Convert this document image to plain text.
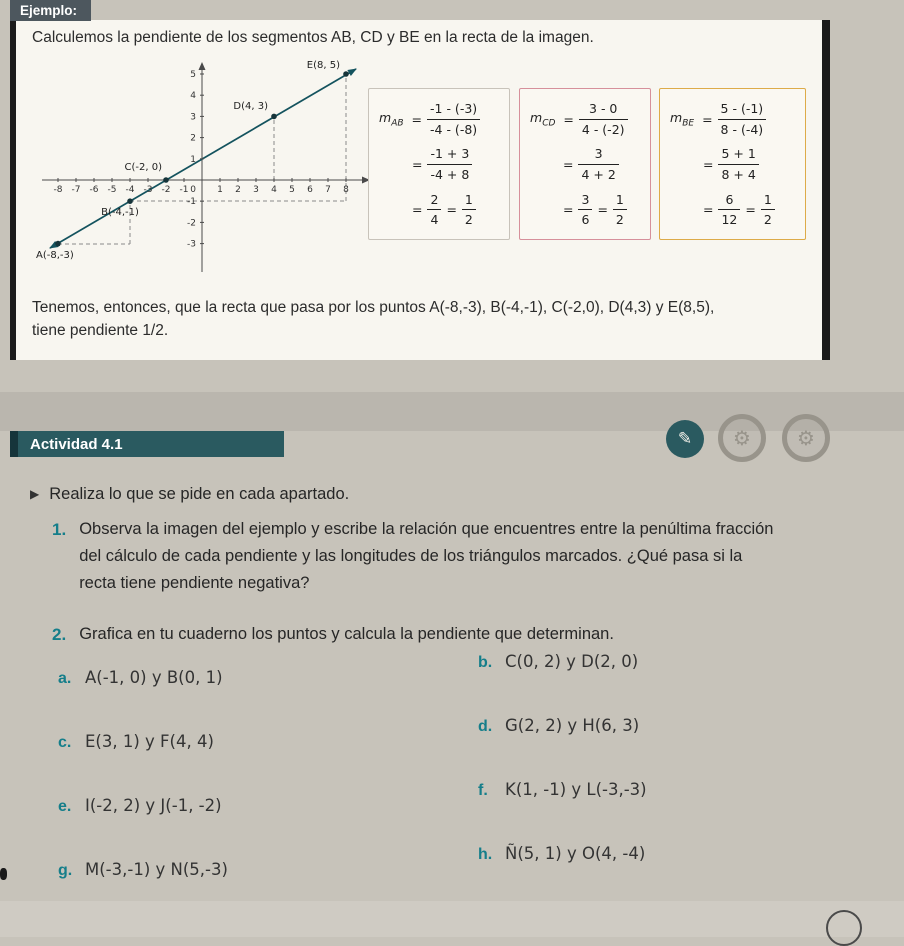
Ejemplo:

Calculemos la pendiente de los segmentos AB, CD y BE en la recta de la imagen.

-8 -7 -6 -5 -4 -3 -2 -1	1 2 3 4 5 6 7 8
5
4
3
2
1
-1
-2
-3
0
A(-8,-3)
B(-4,-1)
C(-2, 0)
D(4, 3)
E(8, 5)
$m_{AB} = \frac{-1 - (-3)}{-4 - (-8)}$
= $\frac{-1 + 3}{-4 + 8}$
= $\frac{2}{4} = \frac{1}{2}$
$m_{CD} = \frac{3 - 0}{4 - (-2)}$
= $\frac{3}{4 + 2}$
= $\frac{3}{6} = \frac{1}{2}$
$m_{BE} = \frac{5 - (-1)}{8 - (-4)}$
= $\frac{5 + 1}{8 + 4}$
= $\frac{6}{12} = \frac{1}{2}$

Tenemos, entonces, que la recta que pasa por los puntos A(-8,-3), B(-4,-1), C(-2,0), D(4,3) y E(8,5), tiene pendiente 1/2.

Actividad 4.1	✎ ⚙ ⚙

▶ Realiza lo que se pide en cada apartado.

1. Observa la imagen del ejemplo y escribe la relación que encuentres entre la penúltima fracción del cálculo de cada pendiente y las longitudes de los triángulos marcados. ¿Qué pasa si la recta tiene pendiente negativa?

2. Grafica en tu cuaderno los puntos y calcula la pendiente que determinan.

a. A(-1, 0) y B(0, 1)
b. C(0, 2) y D(2, 0)
c. E(3, 1) y F(4, 4)
d. G(2, 2) y H(6, 3)
e. I(-2, 2) y J(-1, -2)
f.	K(1, -1) y L(-3,-3)
g. M(-3,-1) y N(5,-3)
h. Ñ(5, 1) y O(4, -4)
